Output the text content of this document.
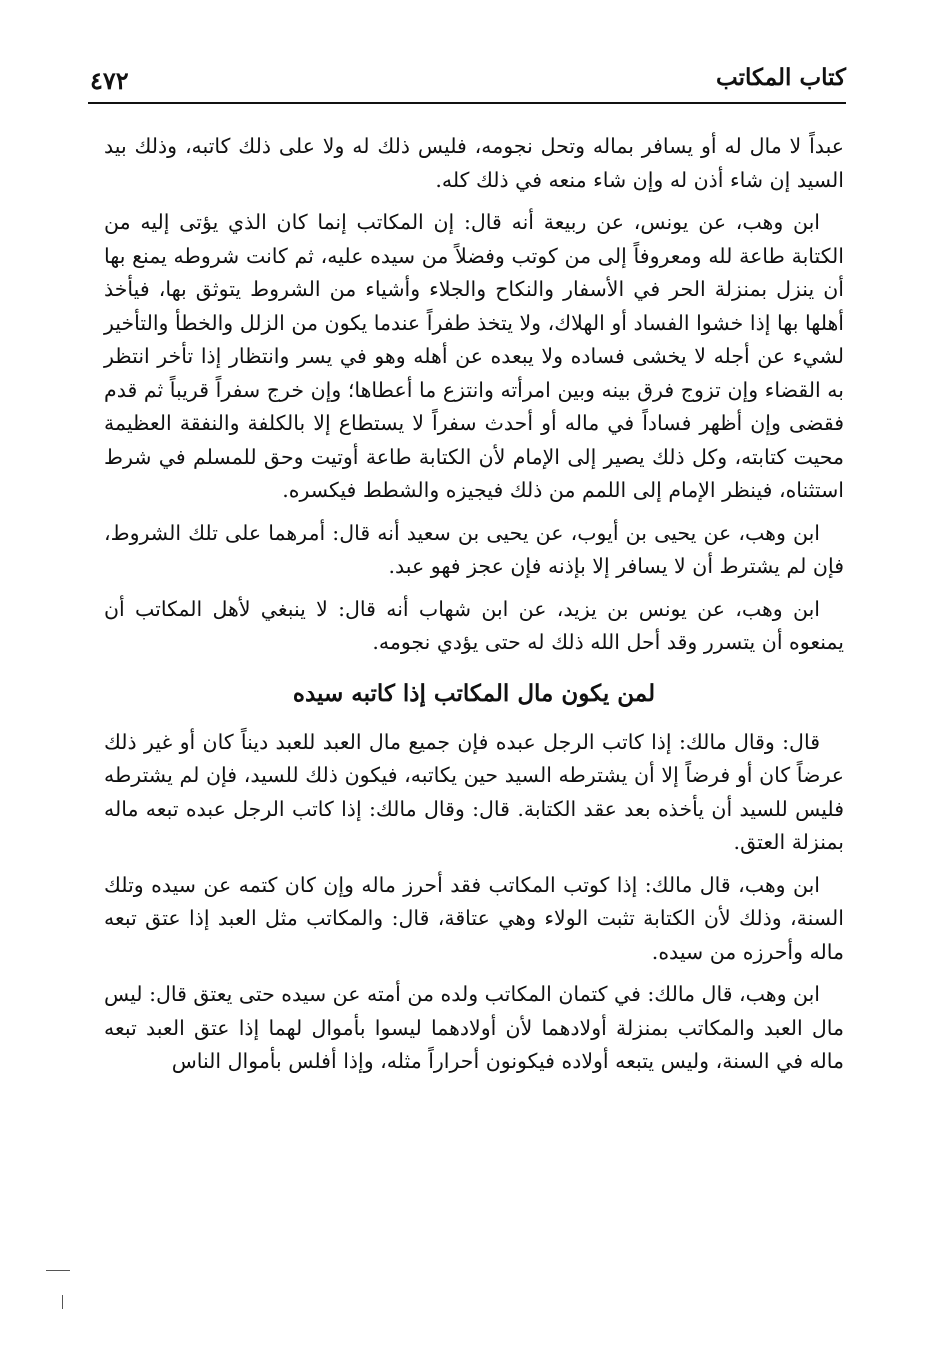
كتاب المكاتب
٤٧٢

عبداً لا مال له أو يسافر بماله وتحل نجومه، فليس ذلك له ولا على ذلك كاتبه، وذلك بيد السيد إن شاء أذن له وإن شاء منعه في ذلك كله.

ابن وهب، عن يونس، عن ربيعة أنه قال: إن المكاتب إنما كان الذي يؤتى إليه من الكتابة طاعة لله ومعروفاً إلى من كوتب وفضلاً من سيده عليه، ثم كانت شروطه يمنع بها أن ينزل بمنزلة الحر في الأسفار والنكاح والجلاء وأشياء من الشروط يتوثق بها، فيأخذ أهلها بها إذا خشوا الفساد أو الهلاك، ولا يتخذ طفراً عندما يكون من الزلل والخطأ والتأخير لشيء عن أجله لا يخشى فساده ولا يبعده عن أهله وهو في يسر وانتظار إذا تأخر انتظر به القضاء وإن تزوج فرق بينه وبين امرأته وانتزع ما أعطاها؛ وإن خرج سفراً قريباً ثم قدم فقضى وإن أظهر فساداً في ماله أو أحدث سفراً لا يستطاع إلا بالكلفة والنفقة العظيمة محيت كتابته، وكل ذلك يصير إلى الإمام لأن الكتابة طاعة أوتيت وحق للمسلم في شرط استثناه، فينظر الإمام إلى اللمم من ذلك فيجيزه والشطط فيكسره.

ابن وهب، عن يحيى بن أيوب، عن يحيى بن سعيد أنه قال: أمرهما على تلك الشروط، فإن لم يشترط أن لا يسافر إلا بإذنه فإن عجز فهو عبد.

ابن وهب، عن يونس بن يزيد، عن ابن شهاب أنه قال: لا ينبغي لأهل المكاتب أن يمنعوه أن يتسرر وقد أحل الله ذلك له حتى يؤدي نجومه.

لمن يكون مال المكاتب إذا كاتبه سيده

قال: وقال مالك: إذا كاتب الرجل عبده فإن جميع مال العبد للعبد ديناً كان أو غير ذلك عرضاً كان أو فرضاً إلا أن يشترطه السيد حين يكاتبه، فيكون ذلك للسيد، فإن لم يشترطه فليس للسيد أن يأخذه بعد عقد الكتابة. قال: وقال مالك: إذا كاتب الرجل عبده تبعه ماله بمنزلة العتق.

ابن وهب، قال مالك: إذا كوتب المكاتب فقد أحرز ماله وإن كان كتمه عن سيده وتلك السنة، وذلك لأن الكتابة تثبت الولاء وهي عتاقة، قال: والمكاتب مثل العبد إذا عتق تبعه ماله وأحرزه من سيده.

ابن وهب، قال مالك: في كتمان المكاتب ولده من أمته عن سيده حتى يعتق قال: ليس مال العبد والمكاتب بمنزلة أولادهما لأن أولادهما ليسوا بأموال لهما إذا عتق العبد تبعه ماله في السنة، وليس يتبعه أولاده فيكونون أحراراً مثله، وإذا أفلس بأموال الناس
